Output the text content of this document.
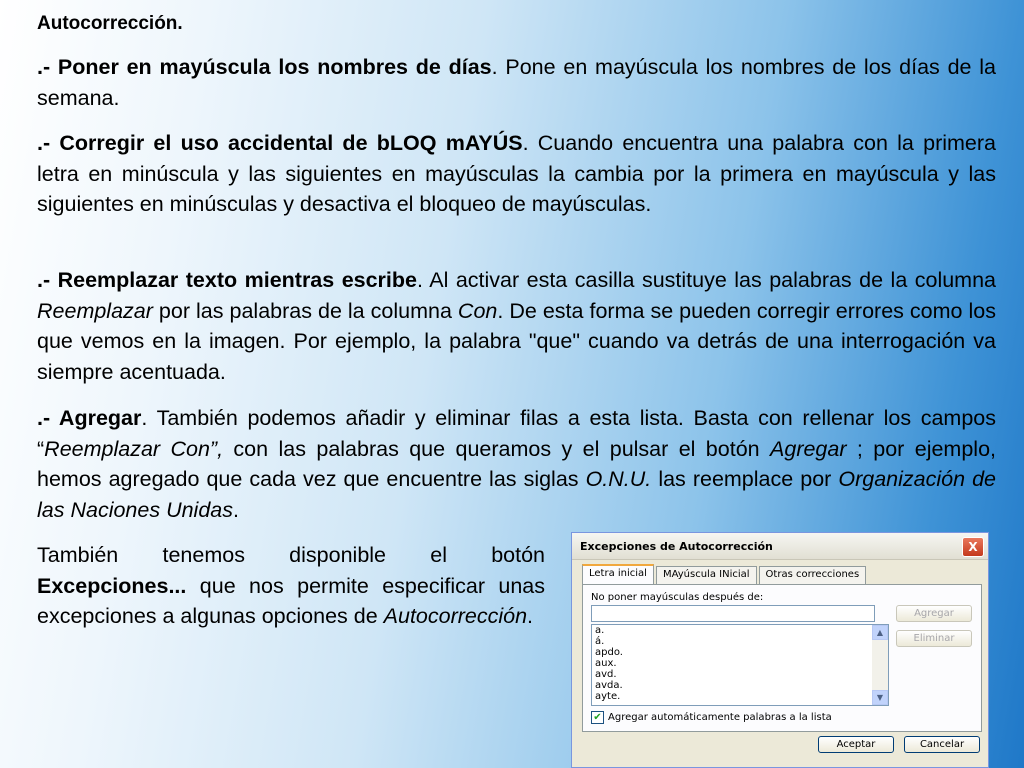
Autocorrección.

.- Poner en mayúscula los nombres de días. Pone en mayúscula los nombres de los días de la semana.

.- Corregir el uso accidental de bLOQ mAYÚS. Cuando encuentra una palabra con la primera letra en minúscula y las siguientes en mayúsculas la cambia por la primera en mayúscula y las siguientes en minúsculas y desactiva el bloqueo de mayúsculas.

.- Reemplazar texto mientras escribe. Al activar esta casilla sustituye las palabras de la columna Reemplazar por las palabras de la columna Con. De esta forma se pueden corregir errores como los que vemos en la imagen. Por ejemplo, la palabra "que" cuando va detrás de una interrogación va siempre acentuada.

.- Agregar. También podemos añadir y eliminar filas a esta lista. Basta con rellenar los campos “Reemplazar Con”, con las palabras que queramos y el pulsar el botón Agregar ; por ejemplo, hemos agregado que cada vez que encuentre las siglas O.N.U. las reemplace por Organización de las Naciones Unidas.

También tenemos disponible el botón Excepciones... que nos permite especificar unas excepciones a algunas opciones de Autocorrección.

Excepciones de Autocorrección	X
Letra inicial	MAyúscula INicial	Otras correcciones
No poner mayúsculas después de:
Agregar
Eliminar
a.
á.
apdo.
aux.
avd.
avda.
ayte.
▲
▼
✔ Agregar automáticamente palabras a la lista
Aceptar	Cancelar
